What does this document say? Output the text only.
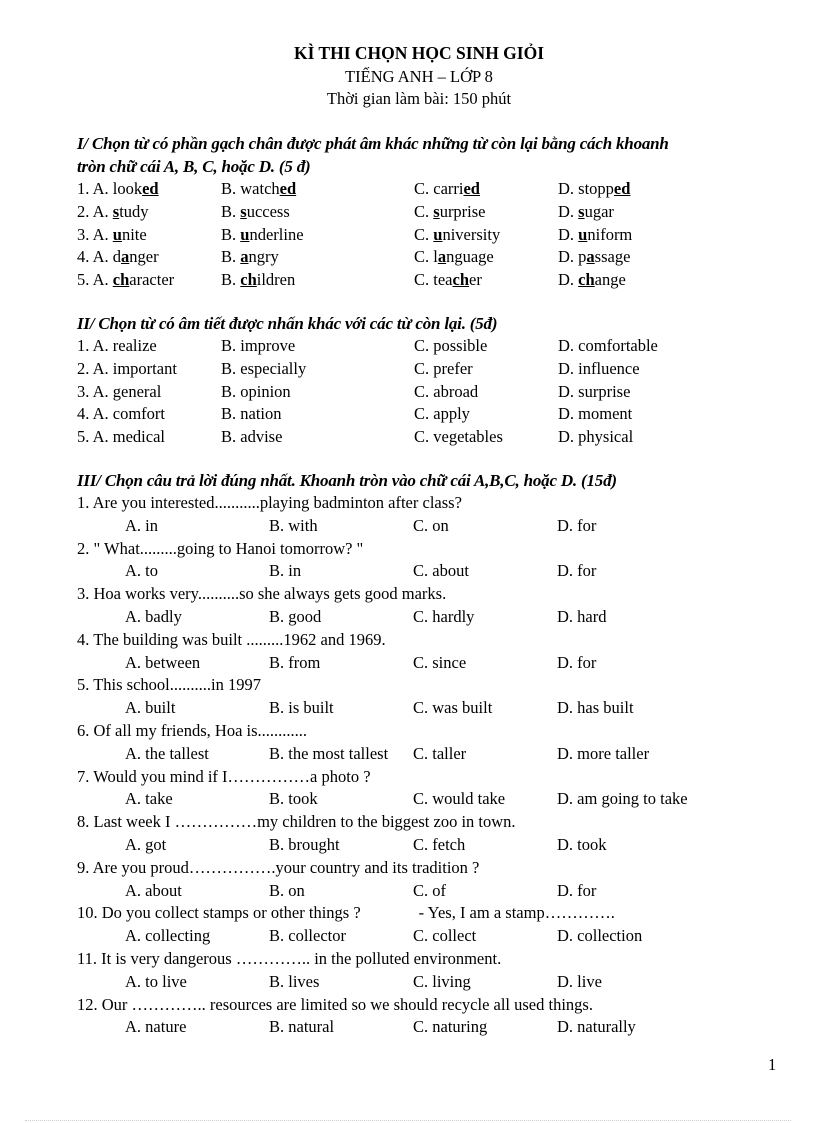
KÌ THI CHỌN HỌC SINH GIỎI
TIẾNG ANH – LỚP 8
Thời gian làm bài: 150 phút
I/ Chọn từ có phần gạch chân được phát âm khác những từ còn lại bằng cách khoanh
tròn chữ cái A, B, C, hoặc D. (5 đ)
1. A. looked	B. watched	C. carried	D. stopped
2. A. study	B. success	C. surprise	D. sugar
3. A. unite	B. underline	C. university	D. uniform
4. A. danger	B. angry	C. language	D. passage
5. A. character	B. children	C. teacher	D. change
II/ Chọn từ có âm tiết được nhấn khác với các từ còn lại. (5đ)
1. A. realize	B. improve	C. possible	D. comfortable
2. A. important	B. especially	C. prefer	D. influence
3. A. general	B. opinion	C. abroad	D. surprise
4. A. comfort	B. nation	C. apply	D. moment
5. A. medical	B. advise	C. vegetables	D. physical
III/ Chọn câu trả lời đúng nhất. Khoanh tròn vào chữ cái A,B,C, hoặc D. (15đ)
1. Are you interested...........playing badminton after class?
A. in	B. with	C. on	D. for
2. " What.........going to Hanoi tomorrow? "
A. to	B. in	C. about	D. for
3. Hoa works very..........so she always gets good marks.
A. badly	B. good	C. hardly	D. hard
4. The building was built .........1962 and 1969.
A. between	B. from	C. since	D. for
5. This school..........in 1997
A. built	B. is built	C. was built	D. has built
6. Of all my friends, Hoa is............
A. the tallest	B. the most tallest	C. taller	D. more taller
7. Would you mind if I……………a photo ?
A. take	B. took	C. would take	D. am going to take
8. Last week I ……………my children to the biggest zoo in town.
A. got	B. brought	C. fetch	D. took
9. Are you proud…………….your country and its tradition ?
A. about	B. on	C. of	D. for
10. Do you collect stamps or other things ?	- Yes, I am a stamp………….
A. collecting	B. collector	C. collect	D. collection
11. It is very dangerous ………….. in the polluted environment.
A. to live	B. lives	C. living	D. live
12. Our ………….. resources are limited so we should recycle all used things.
A. nature	B. natural	C. naturing	D. naturally
1
